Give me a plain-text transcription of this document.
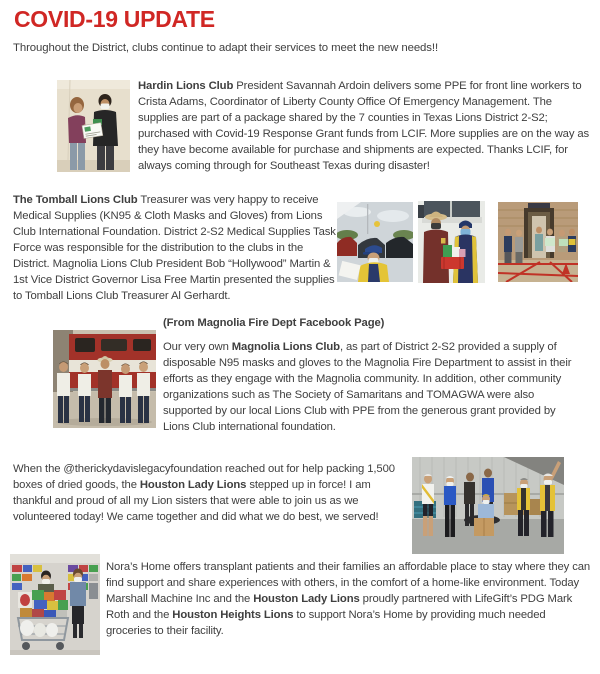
COVID-19 UPDATE

Throughout the District, clubs continue to adapt their services to meet the new needs!!

Hardin Lions Club President Savannah Ardoin delivers some PPE for front line workers to Crista Adams, Coordinator of Liberty County Office Of Emergency Management. The supplies are part of a package shared by the 7 counties in Texas Lions District 2-S2; purchased with Covid-19 Response Grant funds from LCIF. More supplies are on the way as they have become available for purchase and shipments are expected. Thanks LCIF, for always coming through for Southeast Texas during disaster!

The Tomball Lions Club Treasurer was very happy to receive Medical Supplies (KN95 & Cloth Masks and Gloves) from Lions Club International Foundation. District 2-S2 Medical Supplies Task Force was responsible for the distribution to the clubs in the District. Magnolia Lions Club President Bob “Hollywood” Martin & 1st Vice District Governor Lisa Free Martin presented the supplies to Tomball Lions Club Treasurer Al Gerhardt.

(From Magnolia Fire Dept Facebook Page)

Our very own Magnolia Lions Club, as part of District 2-S2 provided a supply of disposable N95 masks and gloves to the Magnolia Fire Department to assist in their efforts as they engage with the Magnolia community. In addition, other community organizations such as The Society of Samaritans and TOMAGWA were also supported by our local Lions Club with PPE from the generous grant provided by Lions Club international foundation.

When the @therickydavislegacyfoundation reached out for help packing 1,500 boxes of dried goods, the Houston Lady Lions stepped up in force! I am thankful and proud of all my Lion sisters that were able to join us as we volunteered today! We came together and did what we do best, we served!

Nora’s Home offers transplant patients and their families an affordable place to stay where they can find support and share experiences with others, in the comfort of a home-like environment. Today Marshall Machine Inc and the Houston Lady Lions proudly partnered with LifeGift’s PDG Mark Roth and the Houston Heights Lions to support Nora’s Home by providing much needed groceries to their facility.
